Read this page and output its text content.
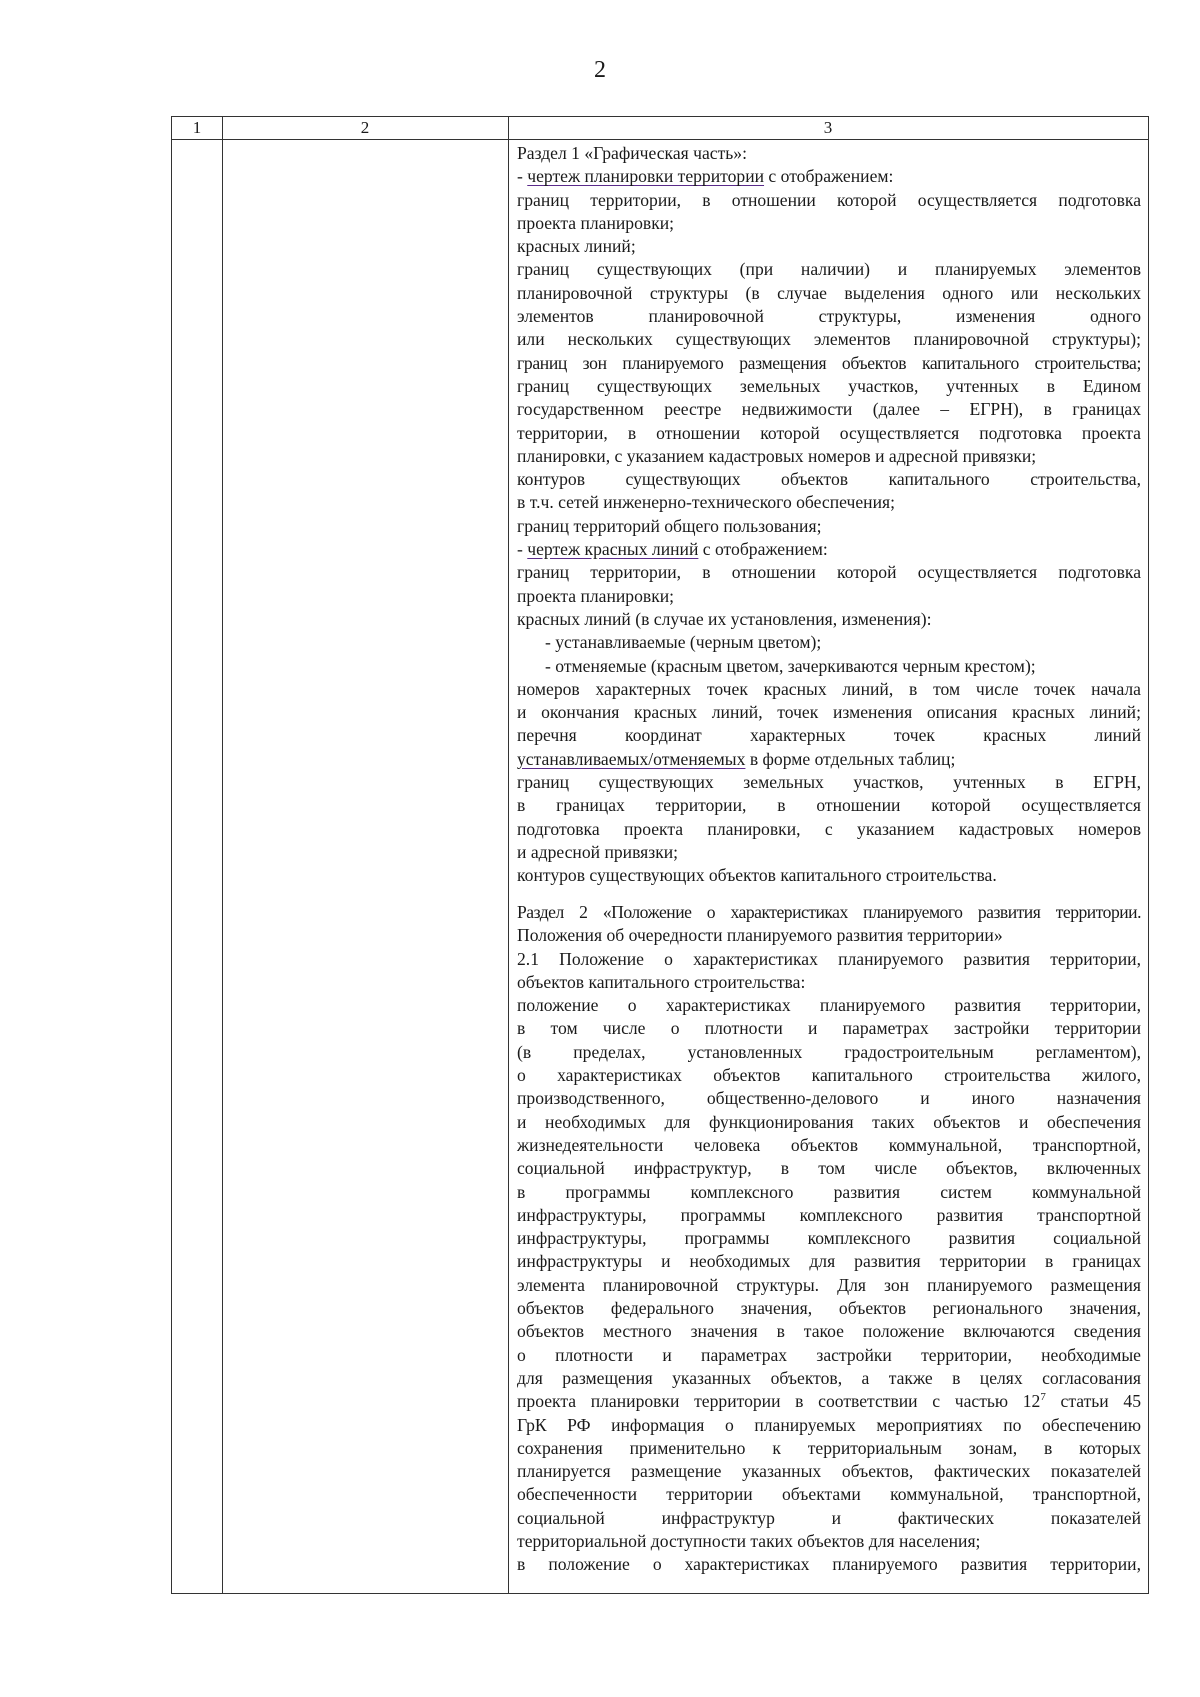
2
1	2	3
Раздел 1 «Графическая часть»:
- чертеж планировки территории с отображением:
границ территории, в отношении которой осуществляется подготовка
проекта планировки;
красных линий;
границ существующих (при наличии) и планируемых элементов
планировочной структуры (в случае выделения одного или нескольких
элементов планировочной структуры, изменения одного
или нескольких существующих элементов планировочной структуры);
границ зон планируемого размещения объектов капитального строительства;
границ существующих земельных участков, учтенных в Едином
государственном реестре недвижимости (далее – ЕГРН), в границах
территории, в отношении которой осуществляется подготовка проекта
планировки, с указанием кадастровых номеров и адресной привязки;
контуров существующих объектов капитального строительства,
в т.ч. сетей инженерно-технического обеспечения;
границ территорий общего пользования;
- чертеж красных линий с отображением:
границ территории, в отношении которой осуществляется подготовка
проекта планировки;
красных линий (в случае их установления, изменения):
- устанавливаемые (черным цветом);
- отменяемые (красным цветом, зачеркиваются черным крестом);
номеров характерных точек красных линий, в том числе точек начала
и окончания красных линий, точек изменения описания красных линий;
перечня координат характерных точек красных линий
устанавливаемых/отменяемых в форме отдельных таблиц;
границ существующих земельных участков, учтенных в ЕГРН,
в границах территории, в отношении которой осуществляется
подготовка проекта планировки, с указанием кадастровых номеров
и адресной привязки;
контуров существующих объектов капитального строительства.
Раздел 2 «Положение о характеристиках планируемого развития территории.
Положения об очередности планируемого развития территории»
2.1 Положение о характеристиках планируемого развития территории,
объектов капитального строительства:
положение о характеристиках планируемого развития территории,
в том числе о плотности и параметрах застройки территории
(в пределах, установленных градостроительным регламентом),
о характеристиках объектов капитального строительства жилого,
производственного, общественно-делового и иного назначения
и необходимых для функционирования таких объектов и обеспечения
жизнедеятельности человека объектов коммунальной, транспортной,
социальной инфраструктур, в том числе объектов, включенных
в программы комплексного развития систем коммунальной
инфраструктуры, программы комплексного развития транспортной
инфраструктуры, программы комплексного развития социальной
инфраструктуры и необходимых для развития территории в границах
элемента планировочной структуры. Для зон планируемого размещения
объектов федерального значения, объектов регионального значения,
объектов местного значения в такое положение включаются сведения
о плотности и параметрах застройки территории, необходимые
для размещения указанных объектов, а также в целях согласования
проекта планировки территории в соответствии с частью $12^7$ статьи 45
ГрК РФ информация о планируемых мероприятиях по обеспечению
сохранения применительно к территориальным зонам, в которых
планируется размещение указанных объектов, фактических показателей
обеспеченности территории объектами коммунальной, транспортной,
социальной инфраструктур и фактических показателей
территориальной доступности таких объектов для населения;
в положение о характеристиках планируемого развития территории,
